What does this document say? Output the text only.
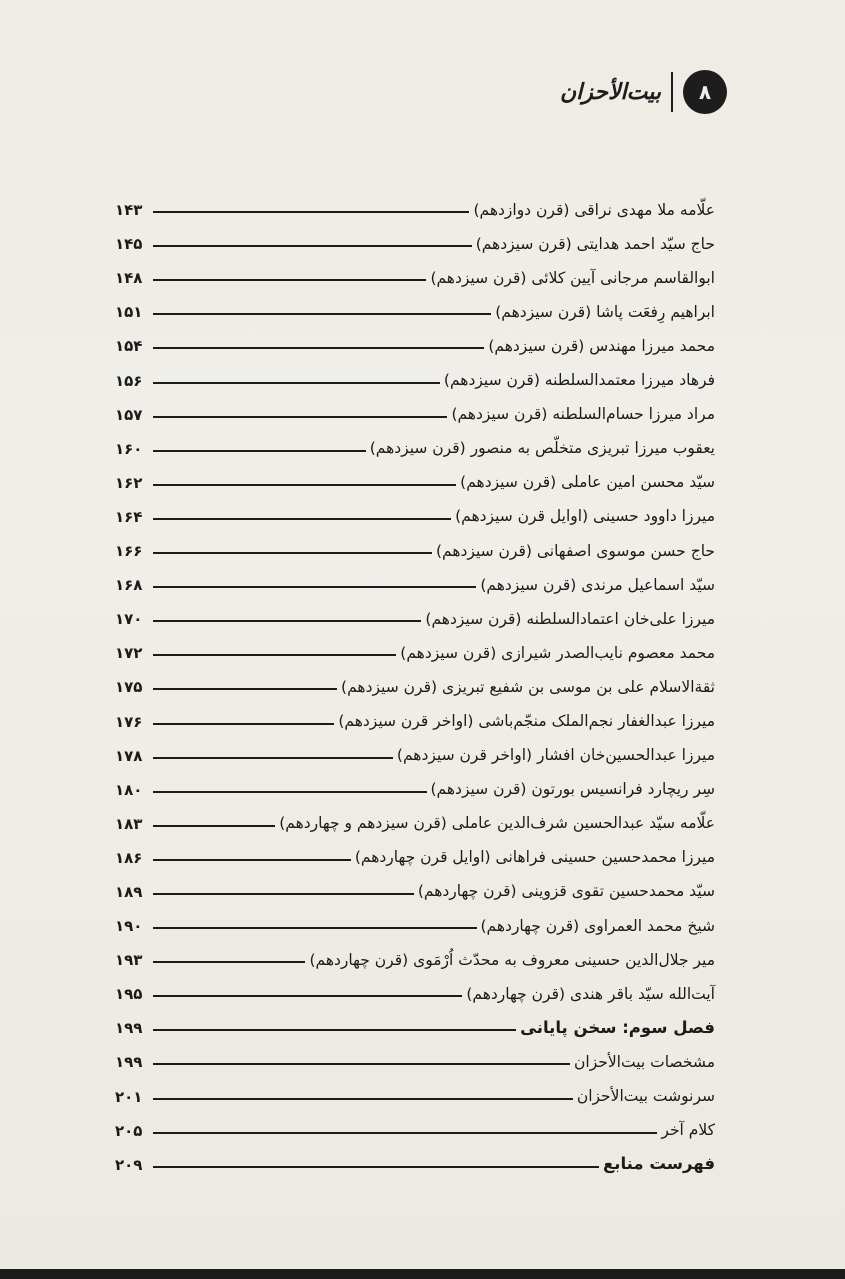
۸
بیت‌الأحزان
علّامه ملا مهدی نراقی (قرن دوازدهم)
۱۴۳
حاج سیّد احمد هدایتی (قرن سیزدهم)
۱۴۵
ابوالقاسم مرجانی آیین کلائی (قرن سیزدهم)
۱۴۸
ابراهیم رِفعَت پاشا (قرن سیزدهم)
۱۵۱
محمد میرزا مهندس (قرن سیزدهم)
۱۵۴
فرهاد میرزا معتمدالسلطنه (قرن سیزدهم)
۱۵۶
مراد میرزا حسام‌السلطنه (قرن سیزدهم)
۱۵۷
یعقوب میرزا تبریزی متخلّص به منصور (قرن سیزدهم)
۱۶۰
سیّد محسن امین عاملی (قرن سیزدهم)
۱۶۲
میرزا داوود حسینی (اوایل قرن سیزدهم)
۱۶۴
حاج حسن موسوی اصفهانی (قرن سیزدهم)
۱۶۶
سیّد اسماعیل مرندی (قرن سیزدهم)
۱۶۸
میرزا علی‌خان اعتمادالسلطنه (قرن سیزدهم)
۱۷۰
محمد معصوم نایب‌الصدر شیرازی (قرن سیزدهم)
۱۷۲
ثقة‌الاسلام علی بن موسی بن شفیع تبریزی (قرن سیزدهم)
۱۷۵
میرزا عبدالغفار نجم‌الملک منجّم‌باشی (اواخر قرن سیزدهم)
۱۷۶
میرزا عبدالحسین‌خان افشار (اواخر قرن سیزدهم)
۱۷۸
سِر ریچارد فرانسیس بورتون (قرن سیزدهم)
۱۸۰
علّامه سیّد عبدالحسین شرف‌الدین عاملی (قرن سیزدهم و چهاردهم)
۱۸۳
میرزا محمدحسین حسینی فراهانی (اوایل قرن چهاردهم)
۱۸۶
سیّد محمدحسین تقوی قزوینی (قرن چهاردهم)
۱۸۹
شیخ محمد العمراوی (قرن چهاردهم)
۱۹۰
میر جلال‌الدین حسینی معروف به محدّث اُرْمَوی (قرن چهاردهم)
۱۹۳
آیت‌الله سیّد باقر هندی (قرن چهاردهم)
۱۹۵
فصل سوم: سخن پایانی
۱۹۹
مشخصات بیت‌الأحزان
۱۹۹
سرنوشت بیت‌الأحزان
۲۰۱
کلام آخر
۲۰۵
فهرست منابع
۲۰۹
